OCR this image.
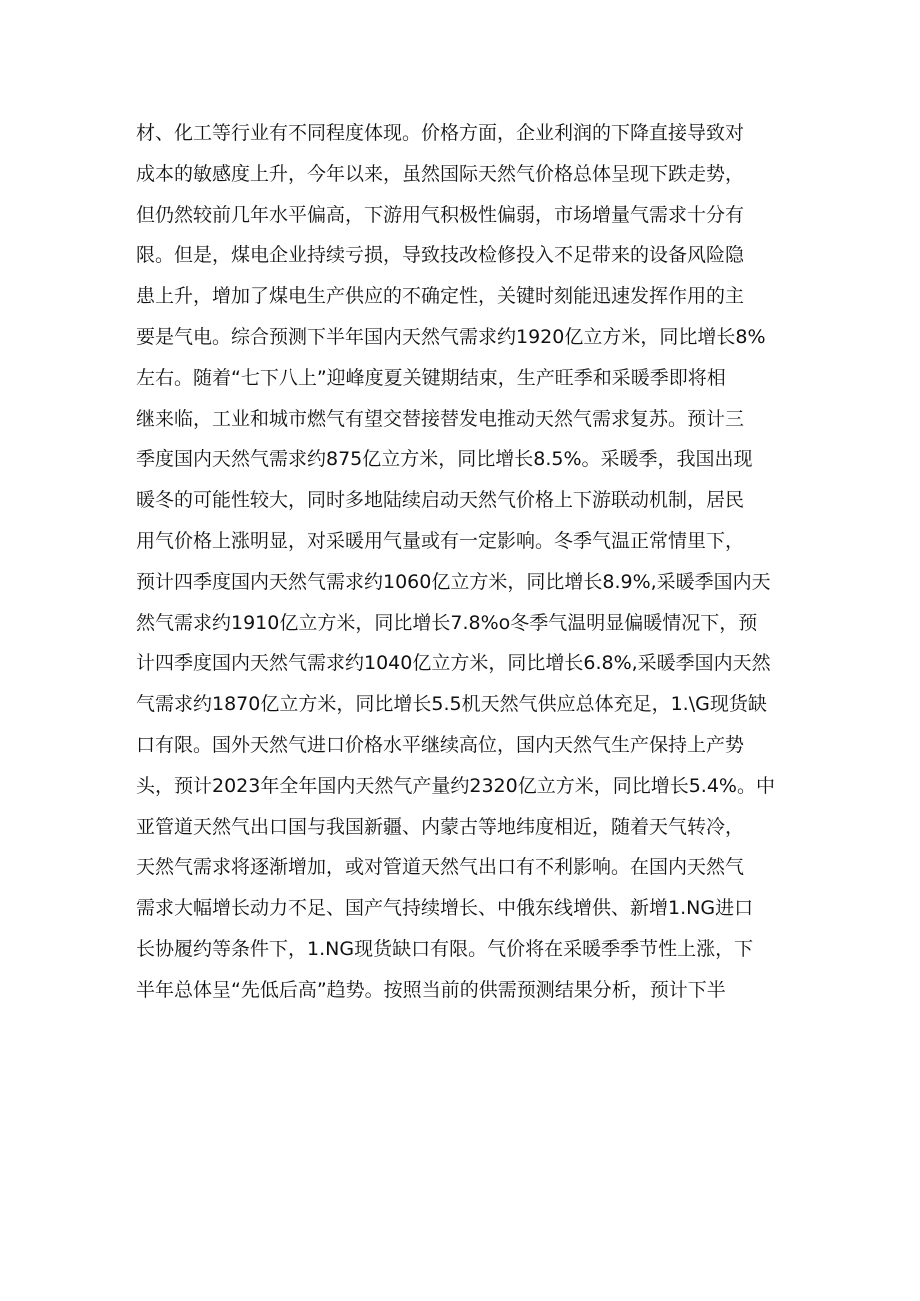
材、化工等行业有不同程度体现。价格方面，企业利润的下降直接导致对
成本的敏感度上升，今年以来，虽然国际天然气价格总体呈现下跌走势，
但仍然较前几年水平偏高，下游用气积极性偏弱，市场增量气需求十分有
限。但是，煤电企业持续亏损，导致技改检修投入不足带来的设备风险隐
患上升，增加了煤电生产供应的不确定性，关键时刻能迅速发挥作用的主
要是气电。综合预测下半年国内天然气需求约1920亿立方米，同比增长8%
左右。随着“七下八上”迎峰度夏关键期结束，生产旺季和采暖季即将相
继来临，工业和城市燃气有望交替接替发电推动天然气需求复苏。预计三
季度国内天然气需求约875亿立方米，同比增长8.5%。采暖季，我国出现
暖冬的可能性较大，同时多地陆续启动天然气价格上下游联动机制，居民
用气价格上涨明显，对采暖用气量或有一定影响。冬季气温正常情里下，
预计四季度国内天然气需求约1060亿立方米，同比增长8.9%,采暖季国内天
然气需求约1910亿立方米，同比增长7.8%o冬季气温明显偏暖情况下，预
计四季度国内天然气需求约1040亿立方米，同比增长6.8%,采暖季国内天然
气需求约1870亿立方米，同比增长5.5机天然气供应总体充足，1.\G现货缺
口有限。国外天然气进口价格水平继续高位，国内天然气生产保持上产势
头，预计2023年全年国内天然气产量约2320亿立方米，同比增长5.4%。中
亚管道天然气出口国与我国新疆、内蒙古等地纬度相近，随着天气转冷，
天然气需求将逐渐增加，或对管道天然气出口有不利影响。在国内天然气
需求大幅增长动力不足、国产气持续增长、中俄东线增供、新增1.NG进口
长协履约等条件下，1.NG现货缺口有限。气价将在采暖季季节性上涨，下
半年总体呈“先低后高”趋势。按照当前的供需预测结果分析，预计下半
